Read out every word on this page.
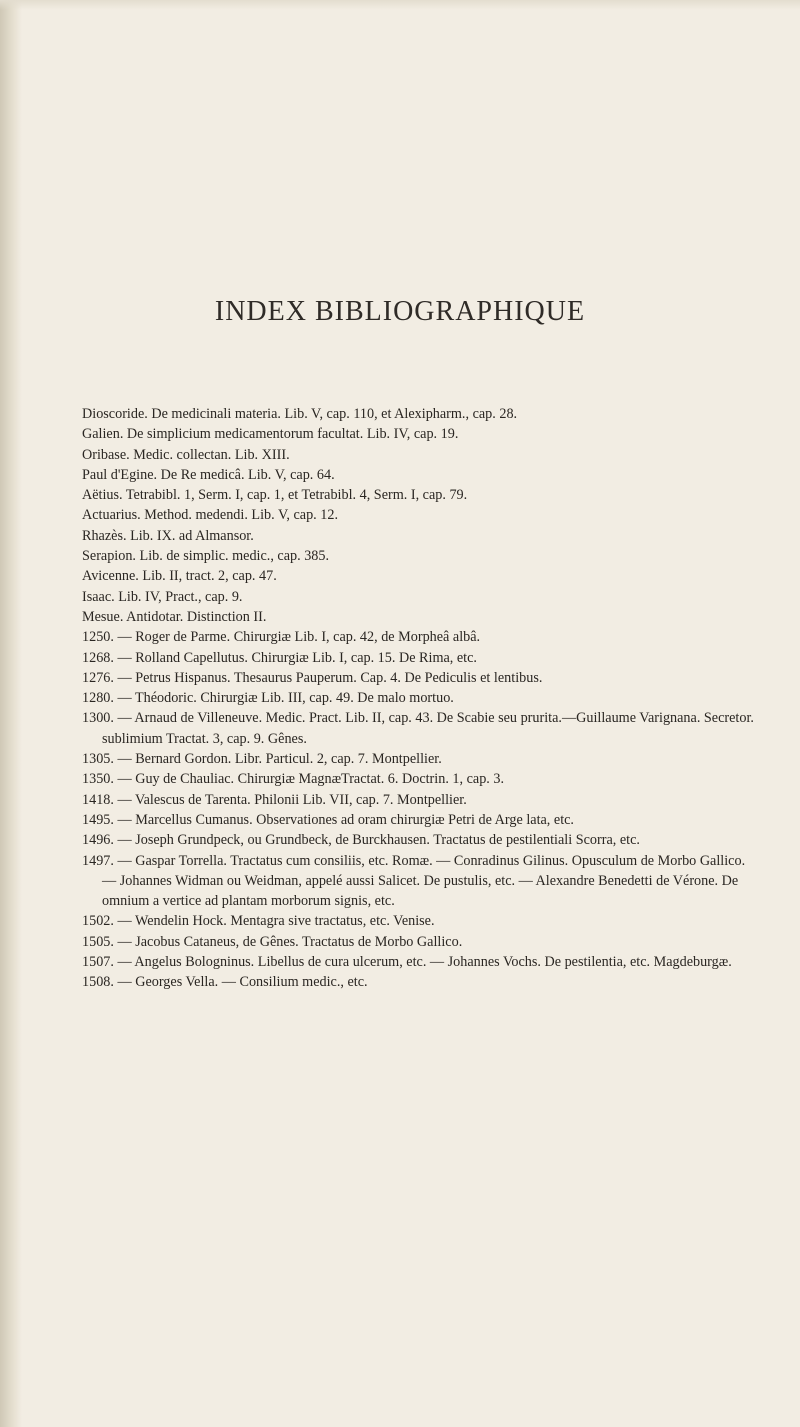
INDEX BIBLIOGRAPHIQUE

Dioscoride. De medicinali materia. Lib. V, cap. 110, et Alexipharm., cap. 28.

Galien. De simplicium medicamentorum facultat. Lib. IV, cap. 19.

Oribase. Medic. collectan. Lib. XIII.

Paul d'Egine. De Re medicâ. Lib. V, cap. 64.

Aëtius. Tetrabibl. 1, Serm. I, cap. 1, et Tetrabibl. 4, Serm. I, cap. 79.

Actuarius. Method. medendi. Lib. V, cap. 12.

Rhazès. Lib. IX. ad Almansor.

Serapion. Lib. de simplic. medic., cap. 385.

Avicenne. Lib. II, tract. 2, cap. 47.

Isaac. Lib. IV, Pract., cap. 9.

Mesue. Antidotar. Distinction II.

1250. — Roger de Parme. Chirurgiæ Lib. I, cap. 42, de Morpheâ albâ.

1268. — Rolland Capellutus. Chirurgiæ Lib. I, cap. 15. De Rima, etc.

1276. — Petrus Hispanus. Thesaurus Pauperum. Cap. 4. De Pediculis et lentibus.

1280. — Théodoric. Chirurgiæ Lib. III, cap. 49. De malo mortuo.

1300. — Arnaud de Villeneuve. Medic. Pract. Lib. II, cap. 43. De Scabie seu prurita.—Guillaume Varignana. Secretor. sublimium Tractat. 3, cap. 9. Gênes.

1305. — Bernard Gordon. Libr. Particul. 2, cap. 7. Montpellier.

1350. — Guy de Chauliac. Chirurgiæ MagnæTractat. 6. Doctrin. 1, cap. 3.

1418. — Valescus de Tarenta. Philonii Lib. VII, cap. 7. Montpellier.

1495. — Marcellus Cumanus. Observationes ad oram chirurgiæ Petri de Arge lata, etc.

1496. — Joseph Grundpeck, ou Grundbeck, de Burckhausen. Tractatus de pestilentiali Scorra, etc.

1497. — Gaspar Torrella. Tractatus cum consiliis, etc. Romæ. — Conradinus Gilinus. Opusculum de Morbo Gallico. — Johannes Widman ou Weidman, appelé aussi Salicet. De pustulis, etc. — Alexandre Benedetti de Vérone. De omnium a vertice ad plantam morborum signis, etc.

1502. — Wendelin Hock. Mentagra sive tractatus, etc. Venise.

1505. — Jacobus Cataneus, de Gênes. Tractatus de Morbo Gallico.

1507. — Angelus Bologninus. Libellus de cura ulcerum, etc. — Johannes Vochs. De pestilentia, etc. Magdeburgæ.

1508. — Georges Vella. — Consilium medic., etc.
